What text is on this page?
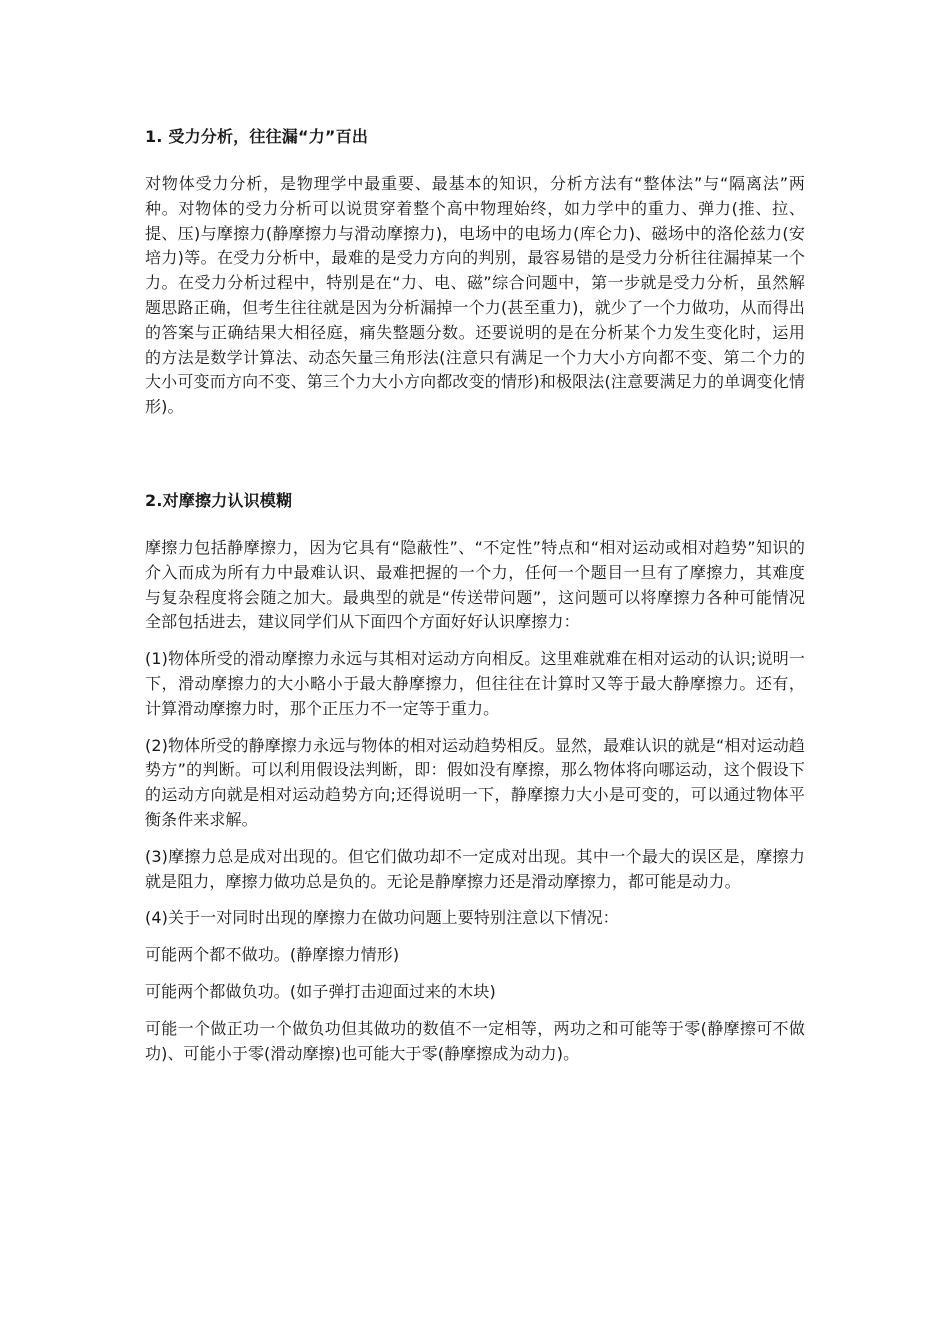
1. 受力分析，往往漏“力”百出

对物体受力分析，是物理学中最重要、最基本的知识，分析方法有“整体法”与“隔离法”两种。对物体的受力分析可以说贯穿着整个高中物理始终，如力学中的重力、弹力(推、拉、提、压)与摩擦力(静摩擦力与滑动摩擦力)，电场中的电场力(库仑力)、磁场中的洛伦兹力(安培力)等。在受力分析中，最难的是受力方向的判别，最容易错的是受力分析往往漏掉某一个力。在受力分析过程中，特别是在“力、电、磁”综合问题中，第一步就是受力分析，虽然解题思路正确，但考生往往就是因为分析漏掉一个力(甚至重力)，就少了一个力做功，从而得出的答案与正确结果大相径庭，痛失整题分数。还要说明的是在分析某个力发生变化时，运用的方法是数学计算法、动态矢量三角形法(注意只有满足一个力大小方向都不变、第二个力的大小可变而方向不变、第三个力大小方向都改变的情形)和极限法(注意要满足力的单调变化情形)。

2.对摩擦力认识模糊

摩擦力包括静摩擦力，因为它具有“隐蔽性”、“不定性”特点和“相对运动或相对趋势”知识的介入而成为所有力中最难认识、最难把握的一个力，任何一个题目一旦有了摩擦力，其难度与复杂程度将会随之加大。最典型的就是“传送带问题”，这问题可以将摩擦力各种可能情况全部包括进去，建议同学们从下面四个方面好好认识摩擦力：

(1)物体所受的滑动摩擦力永远与其相对运动方向相反。这里难就难在相对运动的认识;说明一下，滑动摩擦力的大小略小于最大静摩擦力，但往往在计算时又等于最大静摩擦力。还有，计算滑动摩擦力时，那个正压力不一定等于重力。

(2)物体所受的静摩擦力永远与物体的相对运动趋势相反。显然，最难认识的就是“相对运动趋势方”的判断。可以利用假设法判断，即：假如没有摩擦，那么物体将向哪运动，这个假设下的运动方向就是相对运动趋势方向;还得说明一下，静摩擦力大小是可变的，可以通过物体平衡条件来求解。

(3)摩擦力总是成对出现的。但它们做功却不一定成对出现。其中一个最大的误区是，摩擦力就是阻力，摩擦力做功总是负的。无论是静摩擦力还是滑动摩擦力，都可能是动力。

(4)关于一对同时出现的摩擦力在做功问题上要特别注意以下情况：

可能两个都不做功。(静摩擦力情形)

可能两个都做负功。(如子弹打击迎面过来的木块)

可能一个做正功一个做负功但其做功的数值不一定相等，两功之和可能等于零(静摩擦可不做功)、可能小于零(滑动摩擦)也可能大于零(静摩擦成为动力)。
